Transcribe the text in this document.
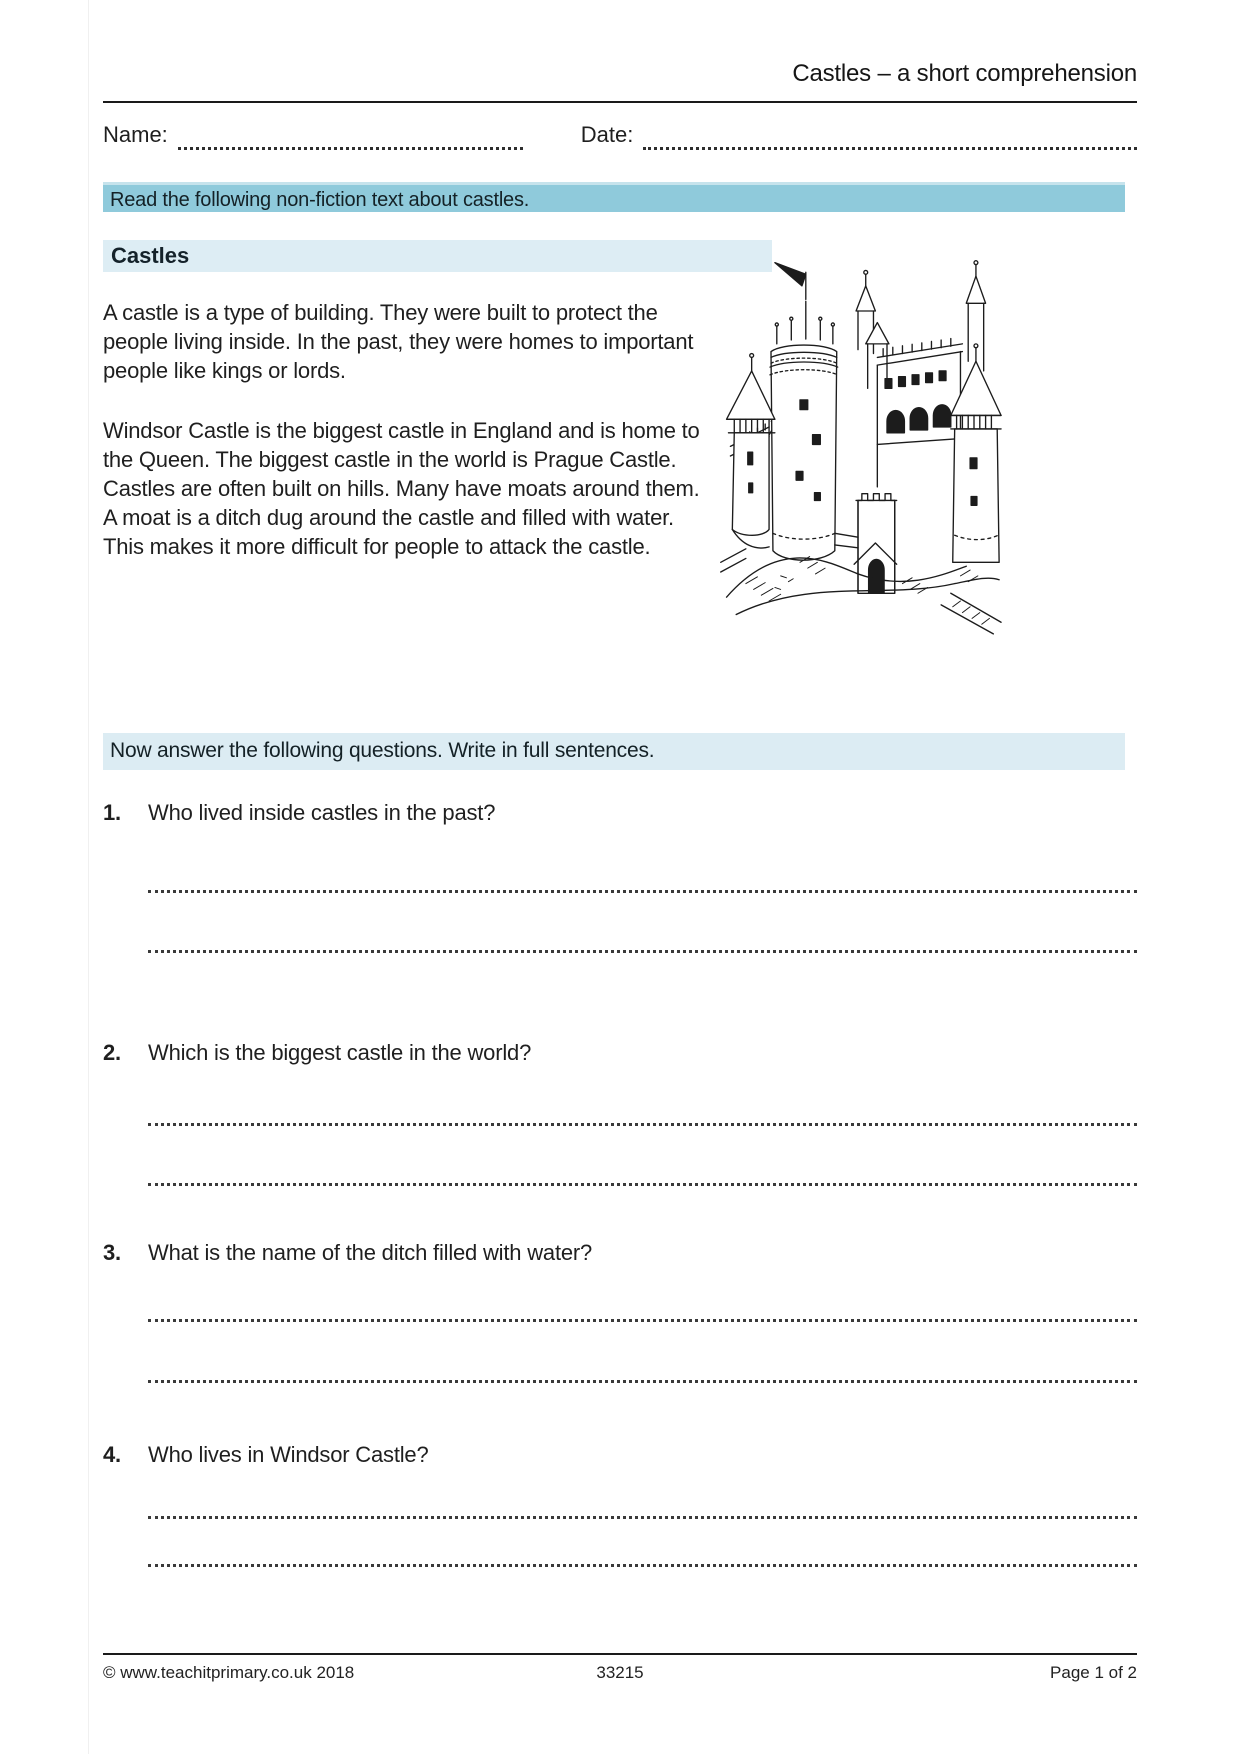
Castles – a short comprehension
Name:	Date:
Read the following non-fiction text about castles.
Castles

A castle is a type of building. They were built to protect the people living inside. In the past, they were homes to important people like kings or lords.

Windsor Castle is the biggest castle in England and is home to the Queen. The biggest castle in the world is Prague Castle. Castles are often built on hills. Many have moats around them. A moat is a ditch dug around the castle and filled with water. This makes it more difficult for people to attack the castle.

Now answer the following questions. Write in full sentences.
1.	Who lived inside castles in the past?
2.	Which is the biggest castle in the world?
3.	What is the name of the ditch filled with water?
4.	Who lives in Windsor Castle?
© www.teachitprimary.co.uk 2018	33215	Page 1 of 2
